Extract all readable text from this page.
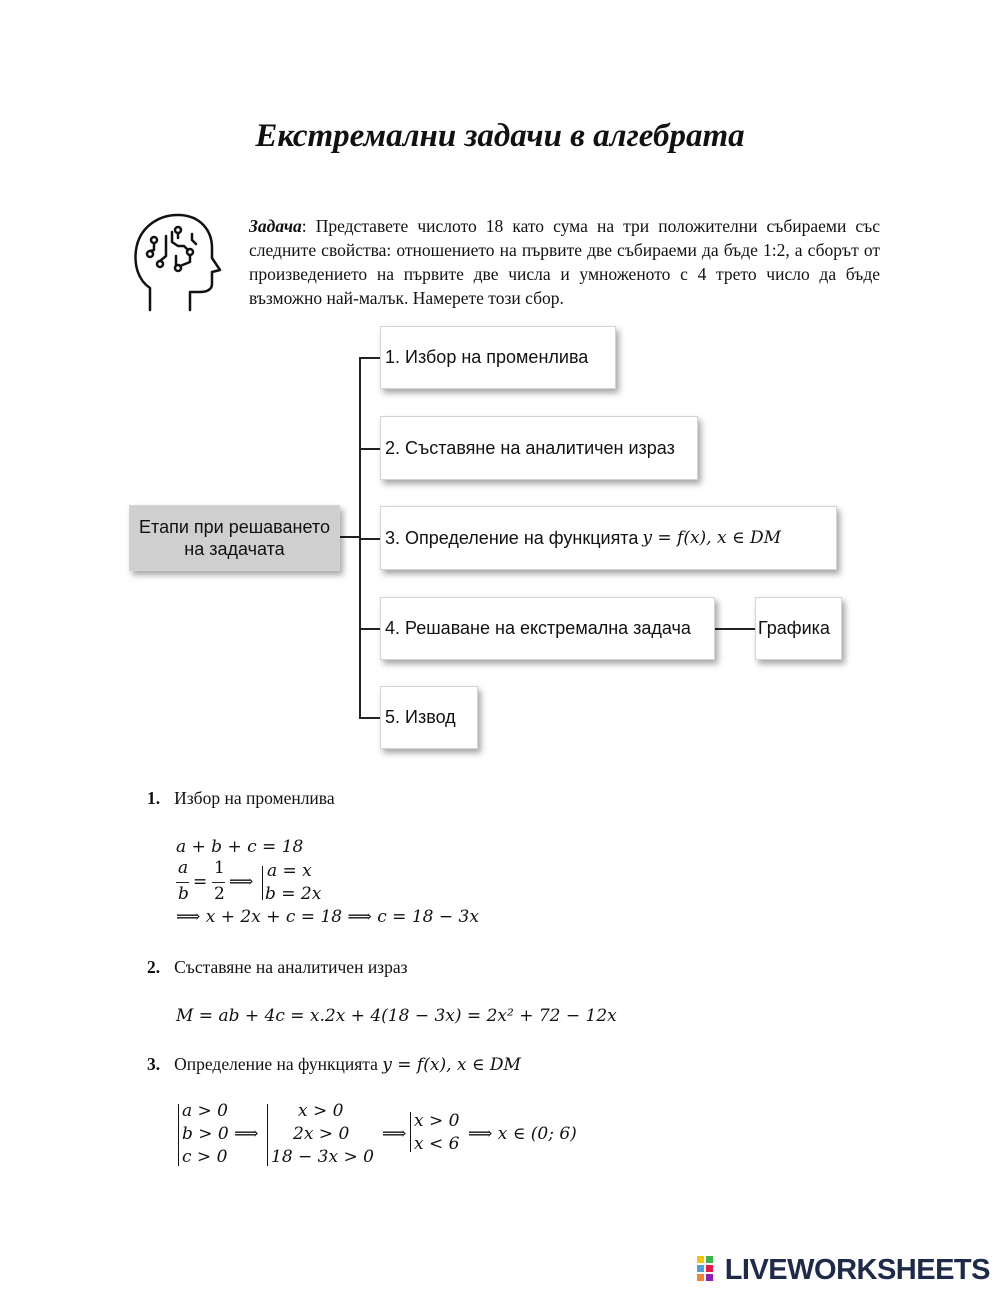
Екстремални задачи в алгебрата
Задача: Представете числото 18 като сума на три положителни събираеми със следните свойства: отношението на първите две събираеми да бъде 1:2, а сборът от произведението на първите две числа и умноженото с 4 трето число да бъде възможно най-малък. Намерете този сбор.
Етапи при решаването на задачата
1. Избор на променлива
2. Съставяне на аналитичен израз
3. Определение на функцията y = f(x), x ∈ DM
4. Решаване на екстремална задача	Графика
5. Извод
1. Избор на променлива
a + b + c = 18
a
b
=
1
2
⟹
a = x
b = 2x
⟹ x + 2x + c = 18 ⟹ c = 18 − 3x
2. Съставяне на аналитичен израз
M = ab + 4c = x.2x + 4(18 − 3x) = 2x² + 72 − 12x
3. Определение на функцията y = f(x), x ∈ DM
a > 0
b > 0 ⟹
c > 0
x > 0
2x > 0
18 − 3x > 0
⟹
x > 0
x < 6 ⟹ x ∈ (0; 6)
LIVEWORKSHEETS
